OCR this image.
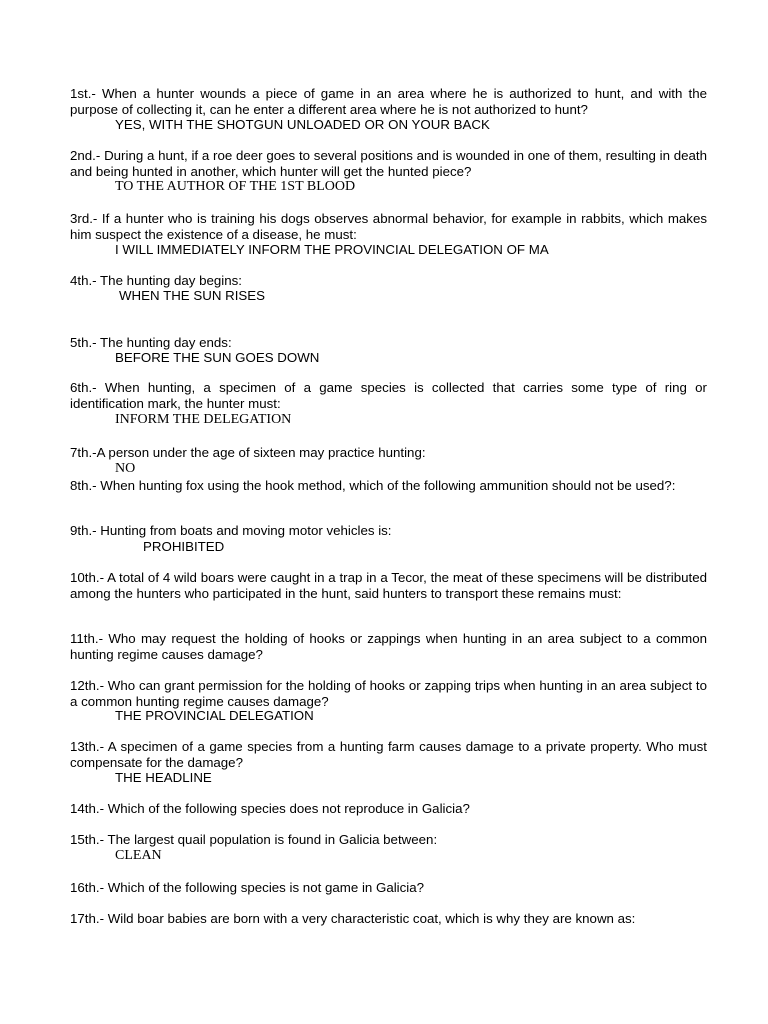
1st.- When a hunter wounds a piece of game in an area where he is authorized to hunt, and with the purpose of collecting it, can he enter a different area where he is not authorized to hunt?

YES, WITH THE SHOTGUN UNLOADED OR ON YOUR BACK

2nd.- During a hunt, if a roe deer goes to several positions and is wounded in one of them, resulting in death and being hunted in another, which hunter will get the hunted piece?

TO THE AUTHOR OF THE 1ST BLOOD

3rd.- If a hunter who is training his dogs observes abnormal behavior, for example in rabbits, which makes him suspect the existence of a disease, he must:

I WILL IMMEDIATELY INFORM THE PROVINCIAL DELEGATION OF MA

4th.- The hunting day begins:

WHEN THE SUN RISES

5th.- The hunting day ends:

BEFORE THE SUN GOES DOWN

6th.- When hunting, a specimen of a game species is collected that carries some type of ring or identification mark, the hunter must:

INFORM THE DELEGATION

7th.-A person under the age of sixteen may practice hunting:

NO

8th.- When hunting fox using the hook method, which of the following ammunition should not be used?:

9th.- Hunting from boats and moving motor vehicles is:

PROHIBITED

10th.- A total of 4 wild boars were caught in a trap in a Tecor, the meat of these specimens will be distributed among the hunters who participated in the hunt, said hunters to transport these remains must:

11th.- Who may request the holding of hooks or zappings when hunting in an area subject to a common hunting regime causes damage?

12th.- Who can grant permission for the holding of hooks or zapping trips when hunting in an area subject to a common hunting regime causes damage?

THE PROVINCIAL DELEGATION

13th.- A specimen of a game species from a hunting farm causes damage to a private property. Who must compensate for the damage?

THE HEADLINE

14th.- Which of the following species does not reproduce in Galicia?

15th.- The largest quail population is found in Galicia between:

CLEAN

16th.- Which of the following species is not game in Galicia?

17th.- Wild boar babies are born with a very characteristic coat, which is why they are known as:
